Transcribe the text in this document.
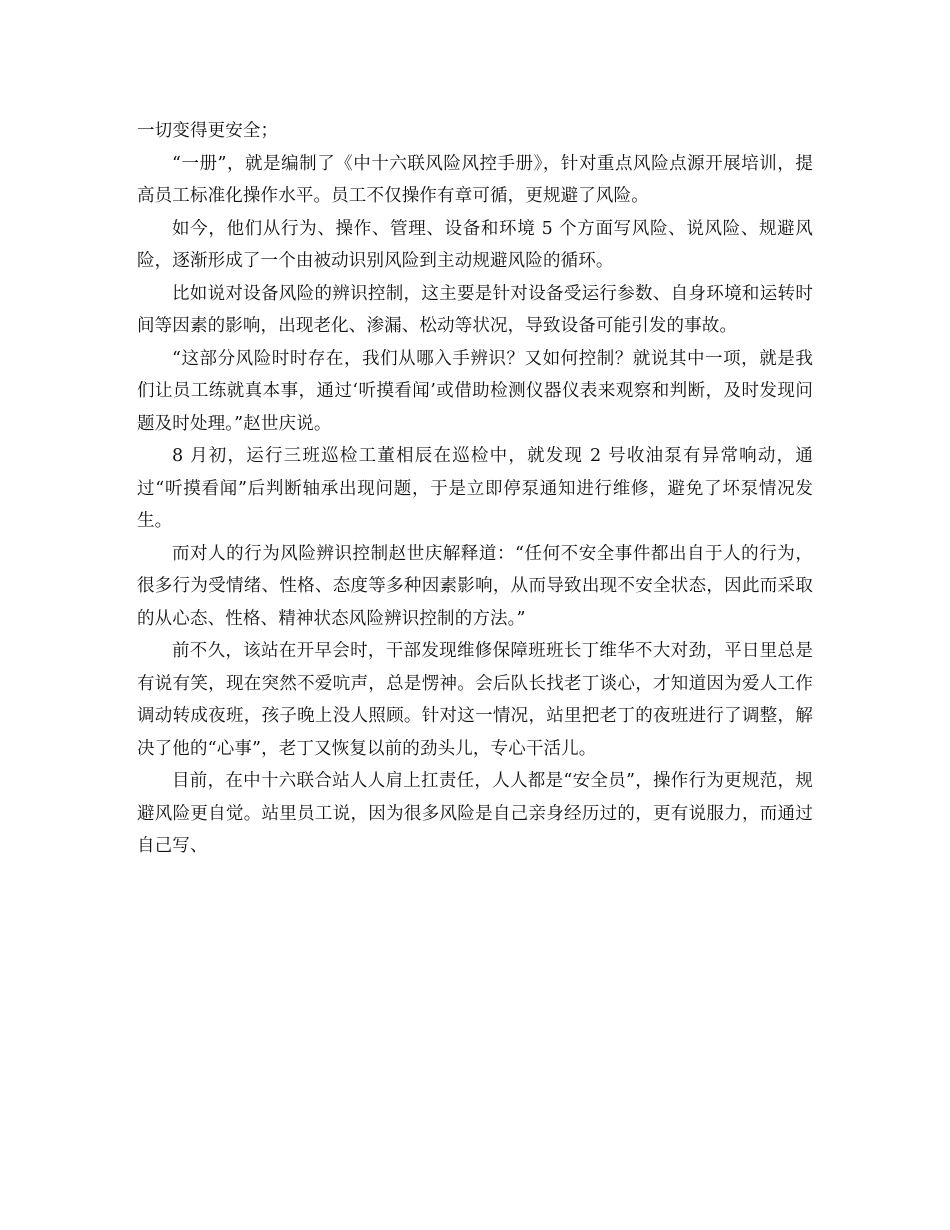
一切变得更安全；

“一册”，就是编制了《中十六联风险风控手册》，针对重点风险点源开展培训，提高员工标准化操作水平。员工不仅操作有章可循，更规避了风险。

如今，他们从行为、操作、管理、设备和环境 5 个方面写风险、说风险、规避风险，逐渐形成了一个由被动识别风险到主动规避风险的循环。

比如说对设备风险的辨识控制，这主要是针对设备受运行参数、自身环境和运转时间等因素的影响，出现老化、渗漏、松动等状况，导致设备可能引发的事故。

“这部分风险时时存在，我们从哪入手辨识？又如何控制？就说其中一项，就是我们让员工练就真本事，通过‘听摸看闻’或借助检测仪器仪表来观察和判断，及时发现问题及时处理。”赵世庆说。

8 月初，运行三班巡检工董相辰在巡检中，就发现 2 号收油泵有异常响动，通过“听摸看闻”后判断轴承出现问题，于是立即停泵通知进行维修，避免了坏泵情况发生。

而对人的行为风险辨识控制赵世庆解释道：“任何不安全事件都出自于人的行为，很多行为受情绪、性格、态度等多种因素影响，从而导致出现不安全状态，因此而采取的从心态、性格、精神状态风险辨识控制的方法。”

前不久，该站在开早会时，干部发现维修保障班班长丁维华不大对劲，平日里总是有说有笑，现在突然不爱吭声，总是愣神。会后队长找老丁谈心，才知道因为爱人工作调动转成夜班，孩子晚上没人照顾。针对这一情况，站里把老丁的夜班进行了调整，解决了他的“心事”，老丁又恢复以前的劲头儿，专心干活儿。

目前，在中十六联合站人人肩上扛责任，人人都是“安全员”，操作行为更规范，规避风险更自觉。站里员工说，因为很多风险是自己亲身经历过的，更有说服力，而通过自己写、
